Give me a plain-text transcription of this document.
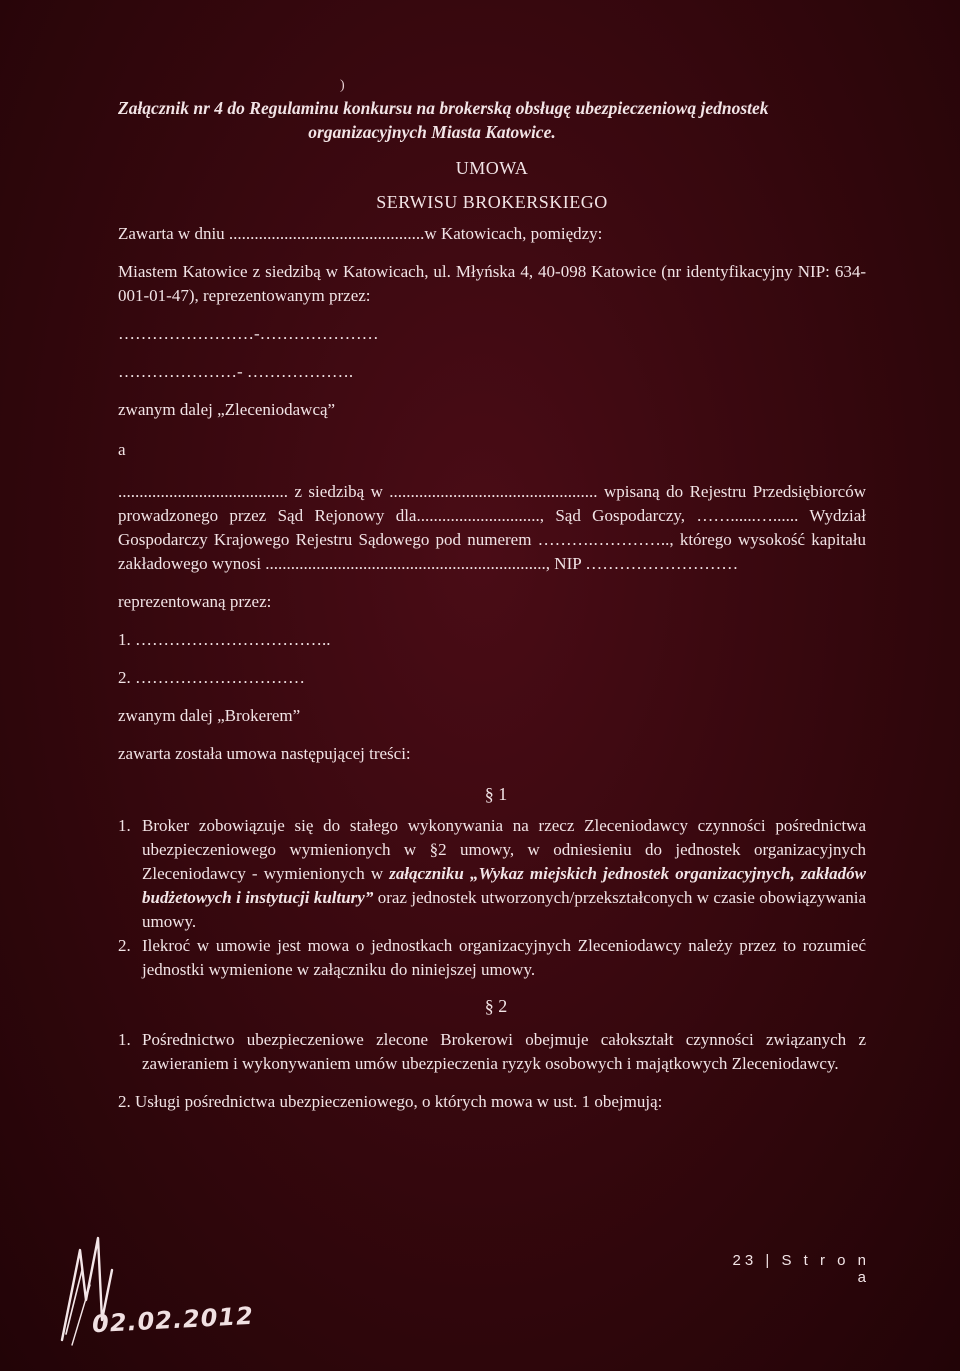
Załącznik nr 4 do Regulaminu konkursu na brokerską obsługę ubezpieczeniową jednostek
organizacyjnych Miasta Katowice.
UMOWA
SERWISU BROKERSKIEGO
Zawarta w dniu ..............................................w Katowicach, pomiędzy:
Miastem Katowice z siedzibą w Katowicach, ul. Młyńska 4, 40-098 Katowice (nr identyfikacyjny NIP: 634-001-01-47), reprezentowanym przez:
……………………-…………………
…………………- ……………….
zwanym dalej „Zleceniodawcą”
a
........................................ z siedzibą w ................................................. wpisaną do Rejestru Przedsiębiorców prowadzonego przez Sąd Rejonowy dla............................., Sąd Gospodarczy, ……......…...... Wydział Gospodarczy Krajowego Rejestru Sądowego pod numerem ……….………….., którego wysokość kapitału zakładowego wynosi .................................................................., NIP ………………………
reprezentowaną przez:
1. ……………………………..
2. …………………………
zwanym dalej „Brokerem”
zawarta została umowa następującej treści:
§ 1
1. Broker zobowiązuje się do stałego wykonywania na rzecz Zleceniodawcy czynności pośrednictwa ubezpieczeniowego wymienionych w §2 umowy, w odniesieniu do jednostek organizacyjnych Zleceniodawcy - wymienionych w załączniku „Wykaz miejskich jednostek organizacyjnych, zakładów budżetowych i instytucji kultury” oraz jednostek utworzonych/przekształconych w czasie obowiązywania umowy.
2. Ilekroć w umowie jest mowa o jednostkach organizacyjnych Zleceniodawcy należy przez to rozumieć jednostki wymienione w załączniku do niniejszej umowy.
§ 2
1. Pośrednictwo ubezpieczeniowe zlecone Brokerowi obejmuje całokształt czynności związanych z zawieraniem i wykonywaniem umów ubezpieczenia ryzyk osobowych i majątkowych Zleceniodawcy.
2. Usługi pośrednictwa ubezpieczeniowego, o których mowa w ust. 1 obejmują:
23 | S t r o n a
02.02.2012
)
